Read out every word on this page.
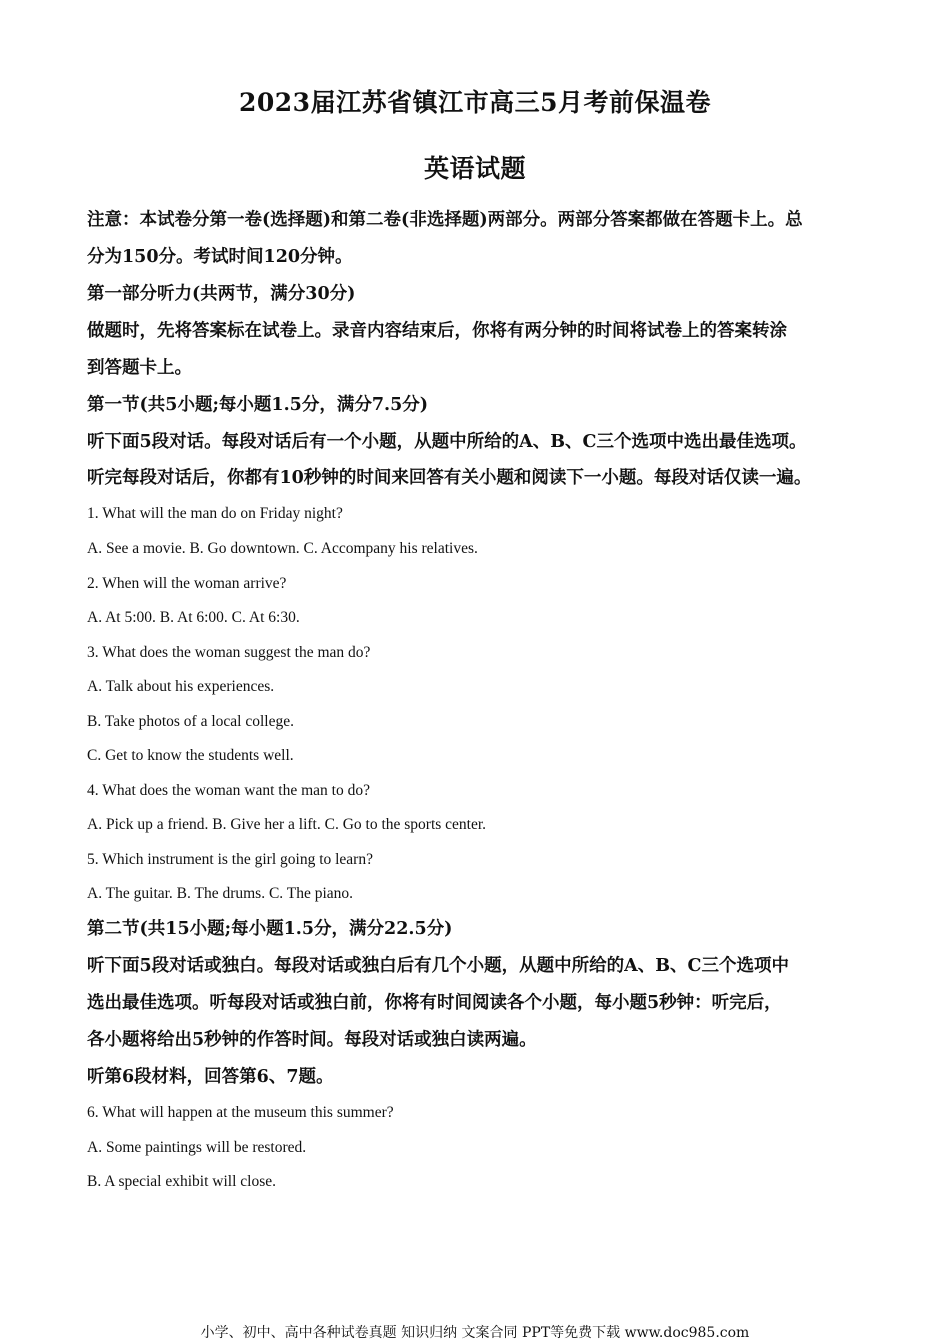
2023届江苏省镇江市高三5月考前保温卷
英语试题
注意：本试卷分第一卷(选择题)和第二卷(非选择题)两部分。两部分答案都做在答题卡上。总
分为150分。考试时间120分钟。
第一部分听力(共两节，满分30分)
做题时，先将答案标在试卷上。录音内容结束后，你将有两分钟的时间将试卷上的答案转涂
到答题卡上。
第一节(共5小题;每小题1.5分，满分7.5分)
听下面5段对话。每段对话后有一个小题，从题中所给的A、B、C三个选项中选出最佳选项。
听完每段对话后，你都有10秒钟的时间来回答有关小题和阅读下一小题。每段对话仅读一遍。
1. What will the man do on Friday night?
A. See a movie. B. Go downtown. C. Accompany his relatives.
2. When will the woman arrive?
A. At 5:00. B. At 6:00. C. At 6:30.
3. What does the woman suggest the man do?
A. Talk about his experiences.
B. Take photos of a local college.
C. Get to know the students well.
4. What does the woman want the man to do?
A. Pick up a friend. B. Give her a lift. C. Go to the sports center.
5. Which instrument is the girl going to learn?
A. The guitar. B. The drums. C. The piano.
第二节(共15小题;每小题1.5分，满分22.5分)
听下面5段对话或独白。每段对话或独白后有几个小题，从题中所给的A、B、C三个选项中
选出最佳选项。听每段对话或独白前，你将有时间阅读各个小题，每小题5秒钟：听完后，
各小题将给出5秒钟的作答时间。每段对话或独白读两遍。
听第6段材料，回答第6、7题。
6. What will happen at the museum this summer?
A. Some paintings will be restored.
B. A special exhibit will close.
小学、初中、高中各种试卷真题 知识归纳 文案合同 PPT等免费下载 www.doc985.com
